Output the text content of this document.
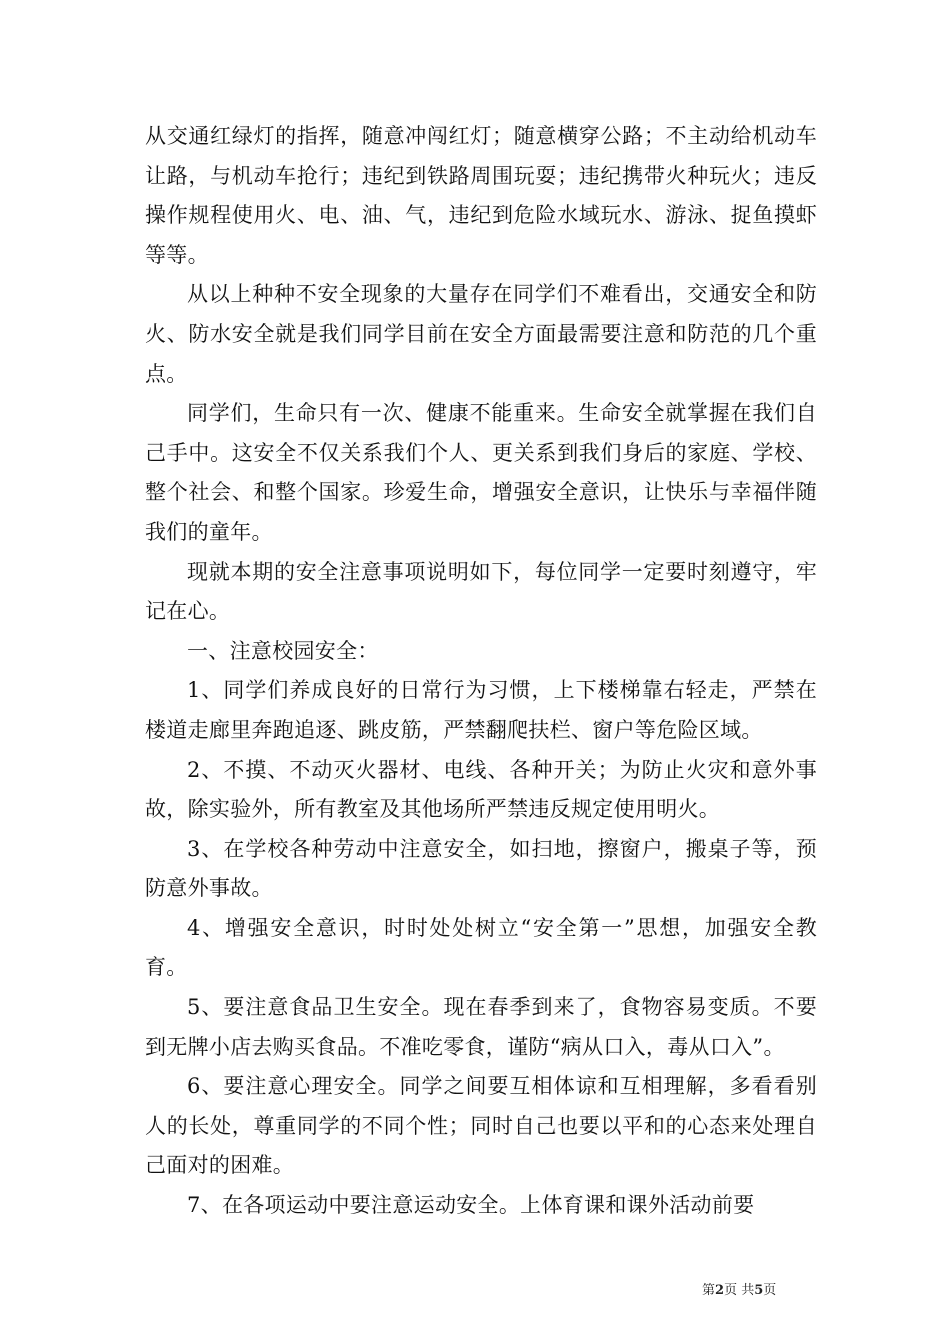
从交通红绿灯的指挥，随意冲闯红灯；随意横穿公路；不主动给机动车让路，与机动车抢行；违纪到铁路周围玩耍；违纪携带火种玩火；违反操作规程使用火、电、油、气，违纪到危险水域玩水、游泳、捉鱼摸虾等等。

从以上种种不安全现象的大量存在同学们不难看出，交通安全和防火、防水安全就是我们同学目前在安全方面最需要注意和防范的几个重点。

同学们，生命只有一次、健康不能重来。生命安全就掌握在我们自己手中。这安全不仅关系我们个人、更关系到我们身后的家庭、学校、整个社会、和整个国家。珍爱生命，增强安全意识，让快乐与幸福伴随我们的童年。

现就本期的安全注意事项说明如下，每位同学一定要时刻遵守，牢记在心。

一、注意校园安全：

1、同学们养成良好的日常行为习惯，上下楼梯靠右轻走，严禁在楼道走廊里奔跑追逐、跳皮筋，严禁翻爬扶栏、窗户等危险区域。

2、不摸、不动灭火器材、电线、各种开关；为防止火灾和意外事故，除实验外，所有教室及其他场所严禁违反规定使用明火。

3、在学校各种劳动中注意安全，如扫地，擦窗户，搬桌子等，预防意外事故。

4、增强安全意识，时时处处树立“安全第一”思想，加强安全教育。

5、要注意食品卫生安全。现在春季到来了，食物容易变质。不要到无牌小店去购买食品。不准吃零食，谨防“病从口入，毒从口入”。

6、要注意心理安全。同学之间要互相体谅和互相理解，多看看别人的长处，尊重同学的不同个性；同时自己也要以平和的心态来处理自己面对的困难。

7、在各项运动中要注意运动安全。上体育课和课外活动前要

第2页 共5页
